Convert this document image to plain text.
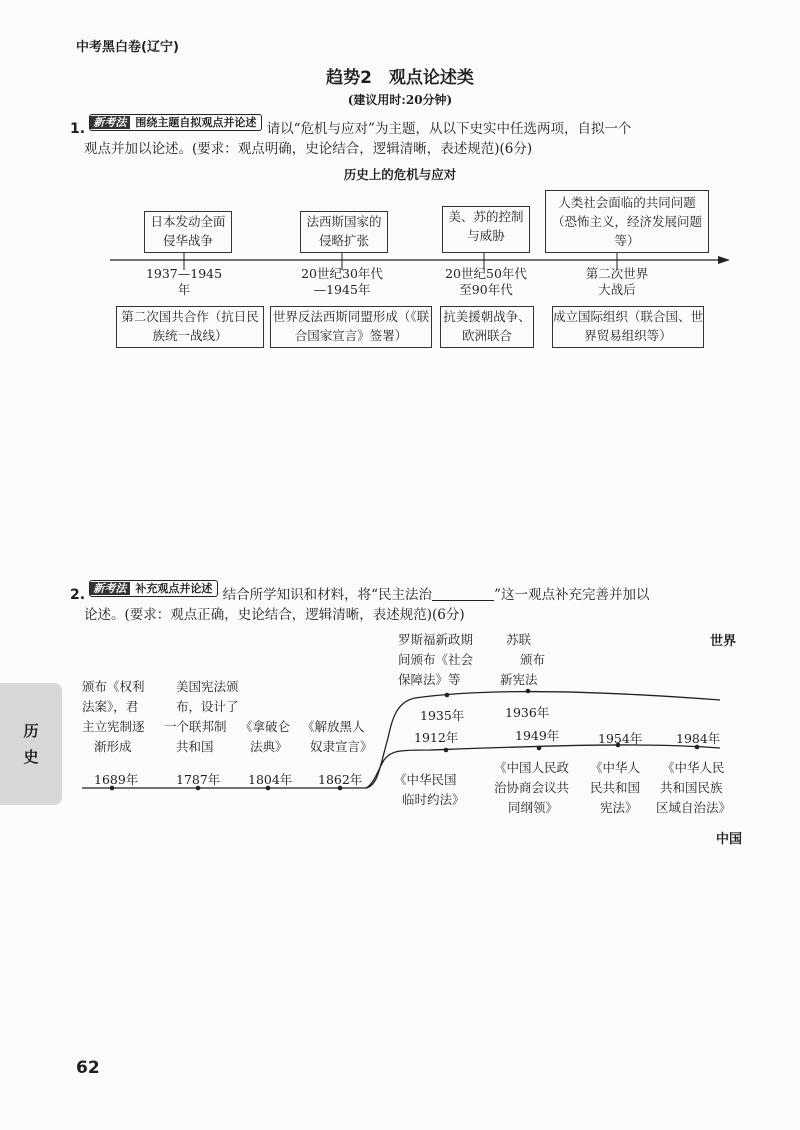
中考黑白卷(辽宁)
趋势2　观点论述类
(建议用时:20分钟)
1. 新考法 围绕主题自拟观点并论述 请以“危机与应对”为主题，从以下史实中任选两项，自拟一个
观点并加以论述。(要求：观点明确，史论结合，逻辑清晰，表述规范)(6分)
历史上的危机与应对
日本发动全面侵华战争
法西斯国家的侵略扩张
美、苏的控制与威胁
人类社会面临的共同问题（恐怖主义，经济发展问题等）
1937—1945年
20世纪30年代—1945年
20世纪50年代至90年代
第二次世界大战后
第二次国共合作（抗日民族统一战线）
世界反法西斯同盟形成（《联合国家宣言》签署）
抗美援朝战争、欧洲联合
成立国际组织（联合国、世界贸易组织等）
2. 新考法 补充观点并论述 结合所学知识和材料，将“民主法治	”这一观点补充完善并加以
论述。(要求：观点正确，史论结合，逻辑清晰，表述规范)(6分)
世界
中国
颁布《权利
法案》，君
主立宪制逐
渐形成
美国宪法颁
布，设计了
一个联邦制
共和国
《拿破仑
法典》
《解放黑人
奴隶宣言》
1689年	1787年 1804年 1862年
罗斯福新政期
间颁布《社会
保障法》等
苏联
颁布
新宪法
1935年	1936年
1912年	1949年	1954年	1984年
《中华民国
临时约法》
《中国人民政
治协商会议共
同纲领》
《中华人
民共和国
宪法》
《中华人民
共和国民族
区域自治法》
历
史
62
